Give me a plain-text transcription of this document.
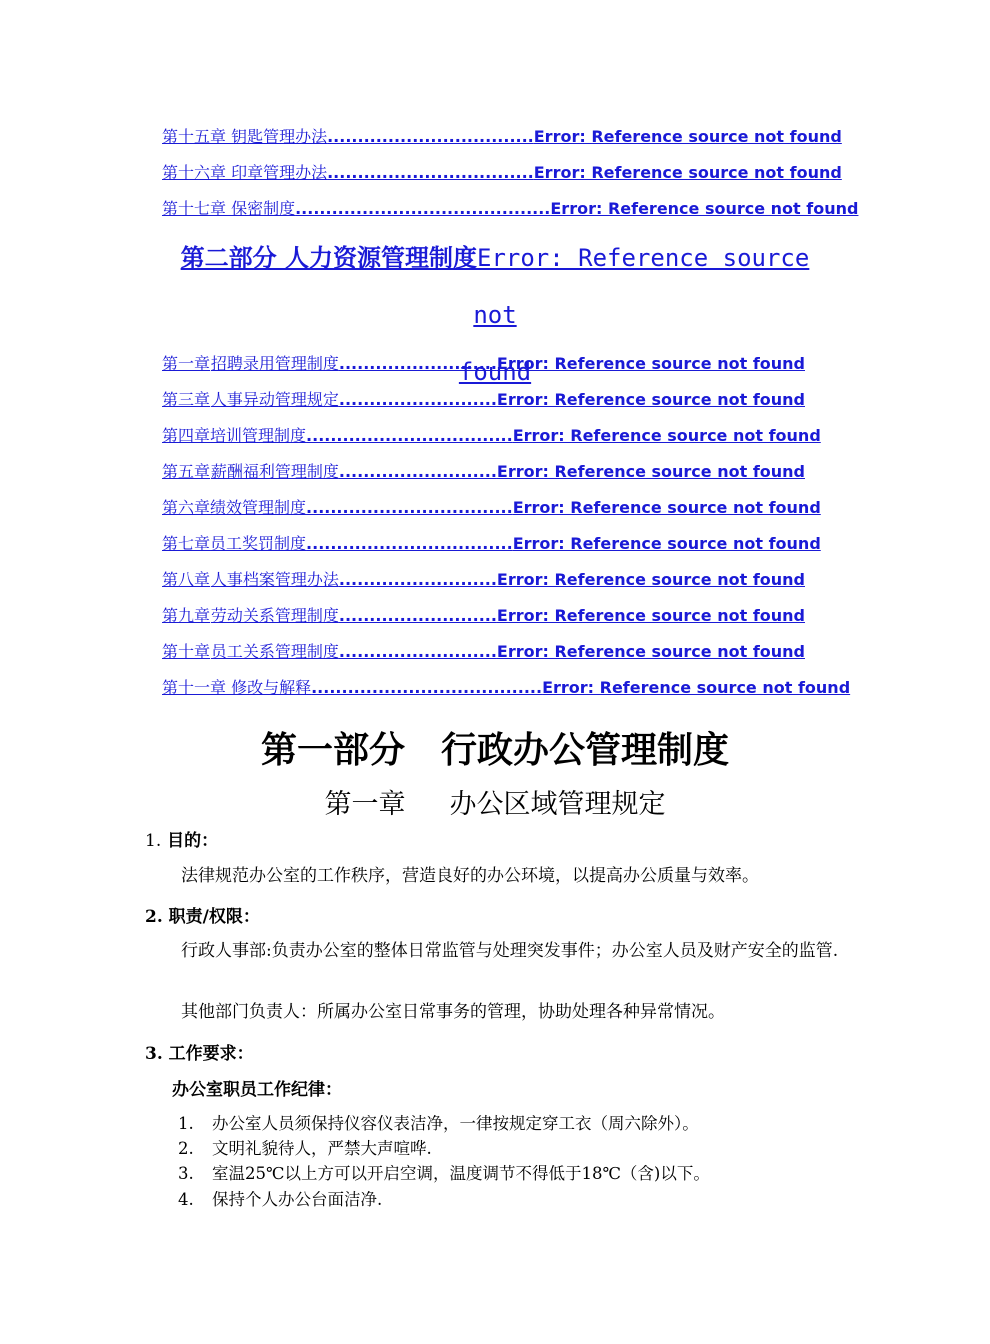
第十五章 钥匙管理办法 .................................. Error: Reference source not found
第十六章 印章管理办法 .................................. Error: Reference source not found
第十七章 保密制度 .......................................... Error: Reference source not found
第二部分 人力资源管理制度Error: Reference source not
found
第一章 招聘录用管理制度 .......................... Error: Reference source not found
第三章 人事异动管理规定 .......................... Error: Reference source not found
第四章 培训管理制度 .................................. Error: Reference source not found
第五章 薪酬福利管理制度 .......................... Error: Reference source not found
第六章 绩效管理制度 .................................. Error: Reference source not found
第七章 员工奖罚制度 .................................. Error: Reference source not found
第八章 人事档案管理办法 .......................... Error: Reference source not found
第九章 劳动关系管理制度 .......................... Error: Reference source not found
第十章 员工关系管理制度 .......................... Error: Reference source not found
第十一章 修改与解释 ...................................... Error: Reference source not found
第一部分　行政办公管理制度
第一章 办公区域管理规定
1. 目的：
法律规范办公室的工作秩序，营造良好的办公环境，以提高办公质量与效率。
2. 职责/权限：
行政人事部:负责办公室的整体日常监管与处理突发事件；办公室人员及财产安全的监管.
其他部门负责人：所属办公室日常事务的管理，协助处理各种异常情况。
3. 工作要求：
办公室职员工作纪律：
1. 办公室人员须保持仪容仪表洁净，一律按规定穿工衣（周六除外）。
2. 文明礼貌待人，严禁大声喧哗.
3. 室温25℃以上方可以开启空调，温度调节不得低于18℃（含)以下。
4. 保持个人办公台面洁净.
